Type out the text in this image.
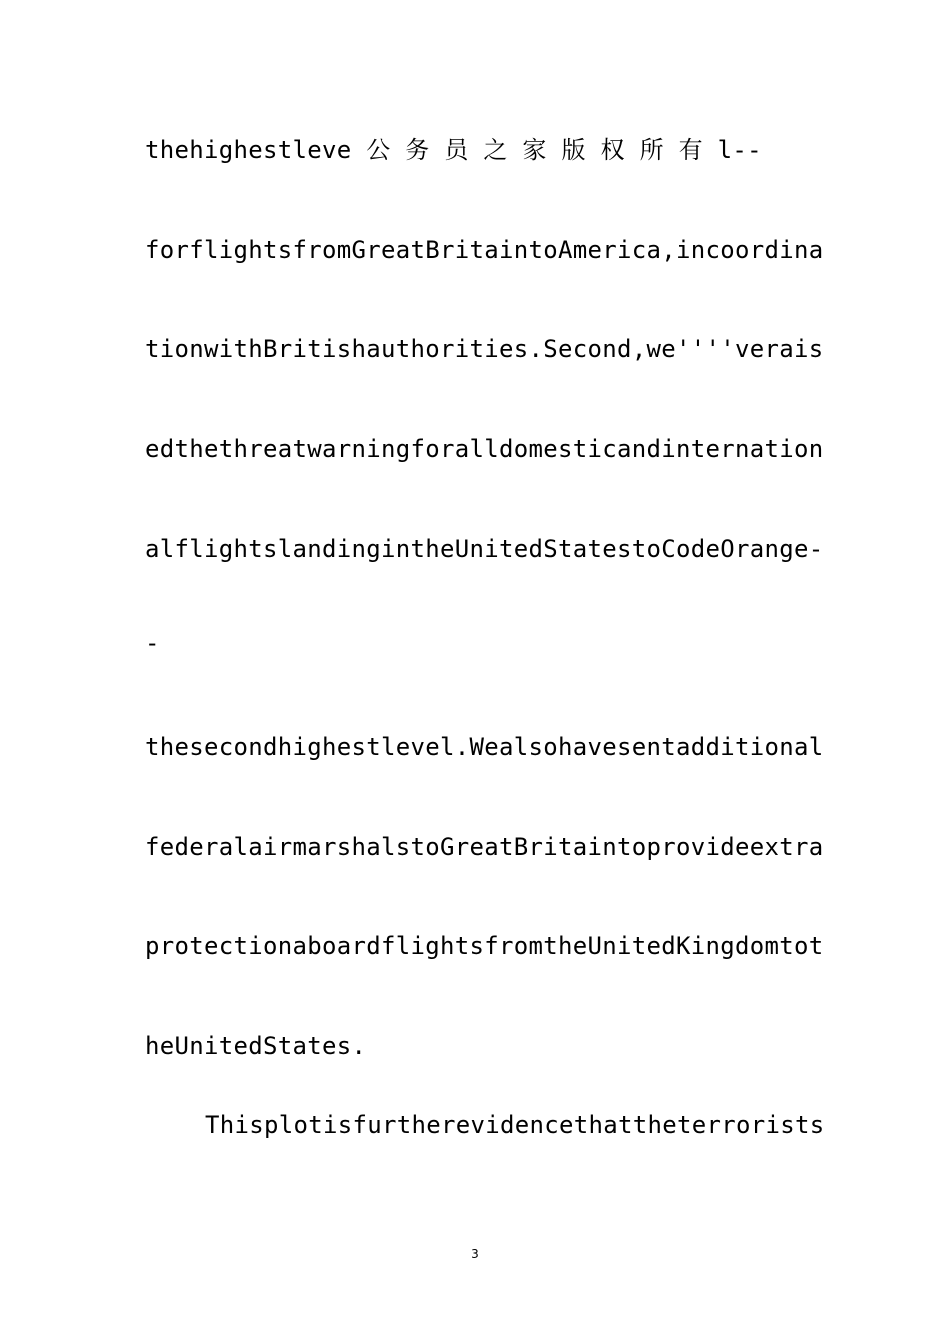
thehighestleve 公 务 员 之 家 版 权 所 有 l--
forflightsfromGreatBritaintoAmerica,incoordina
tionwithBritishauthorities.Second,we''''verais
edthethreatwarningforalldomesticandinternation
alflightslandingintheUnitedStatestoCodeOrange-
-
thesecondhighestlevel.Wealsohavesentadditional
federalairmarshalstoGreatBritaintoprovideextra
protectionaboardflightsfromtheUnitedKingdomtot
heUnitedStates.
Thisplotisfurtherevidencethattheterrorists
3
